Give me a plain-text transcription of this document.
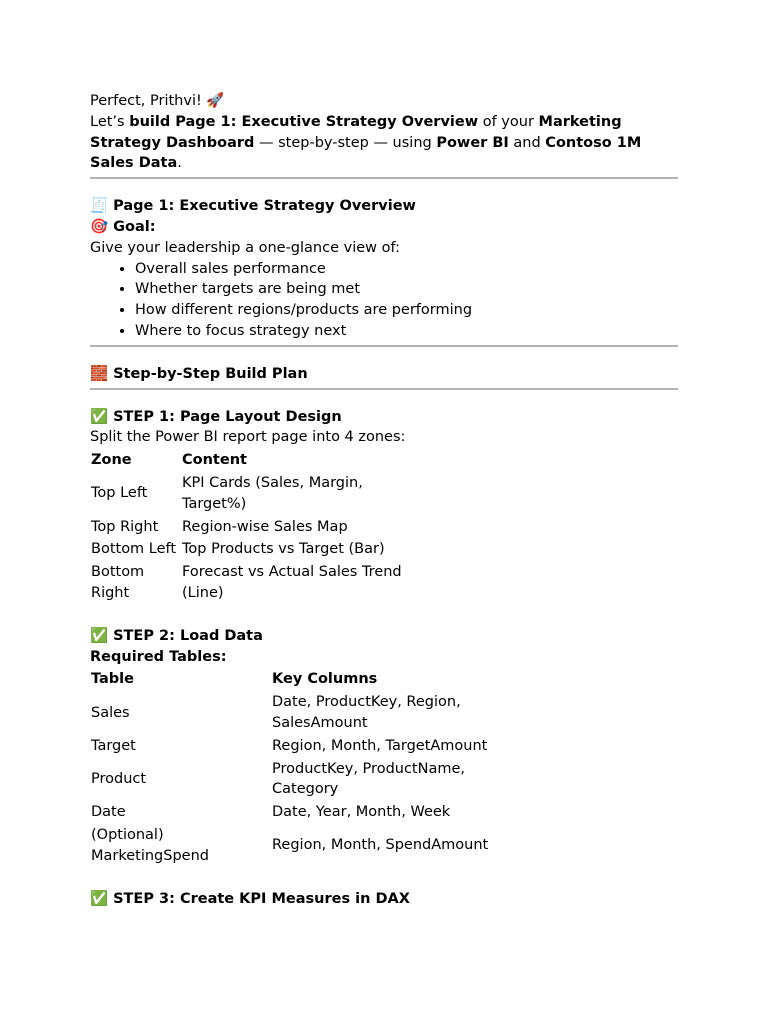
Perfect, Prithvi! 🚀

Let’s build Page 1: Executive Strategy Overview of your Marketing Strategy Dashboard — step-by-step — using Power BI and Contoso 1M Sales Data.

🧾 Page 1: Executive Strategy Overview

🎯 Goal:

Give your leadership a one-glance view of:

• Overall sales performance
• Whether targets are being met
• How different regions/products are performing
• Where to focus strategy next

🧱 Step-by-Step Build Plan

✅ STEP 1: Page Layout Design

Split the Power BI report page into 4 zones:

Zone	Content
Top Left	KPI Cards (Sales, Margin, Target%)
Top Right	Region-wise Sales Map
Bottom Left	Top Products vs Target (Bar)
Bottom Right	Forecast vs Actual Sales Trend (Line)

✅ STEP 2: Load Data

Required Tables:

Table	Key Columns
Sales	Date, ProductKey, Region, SalesAmount
Target	Region, Month, TargetAmount
Product	ProductKey, ProductName, Category
Date	Date, Year, Month, Week
(Optional) MarketingSpend	Region, Month, SpendAmount

✅ STEP 3: Create KPI Measures in DAX
